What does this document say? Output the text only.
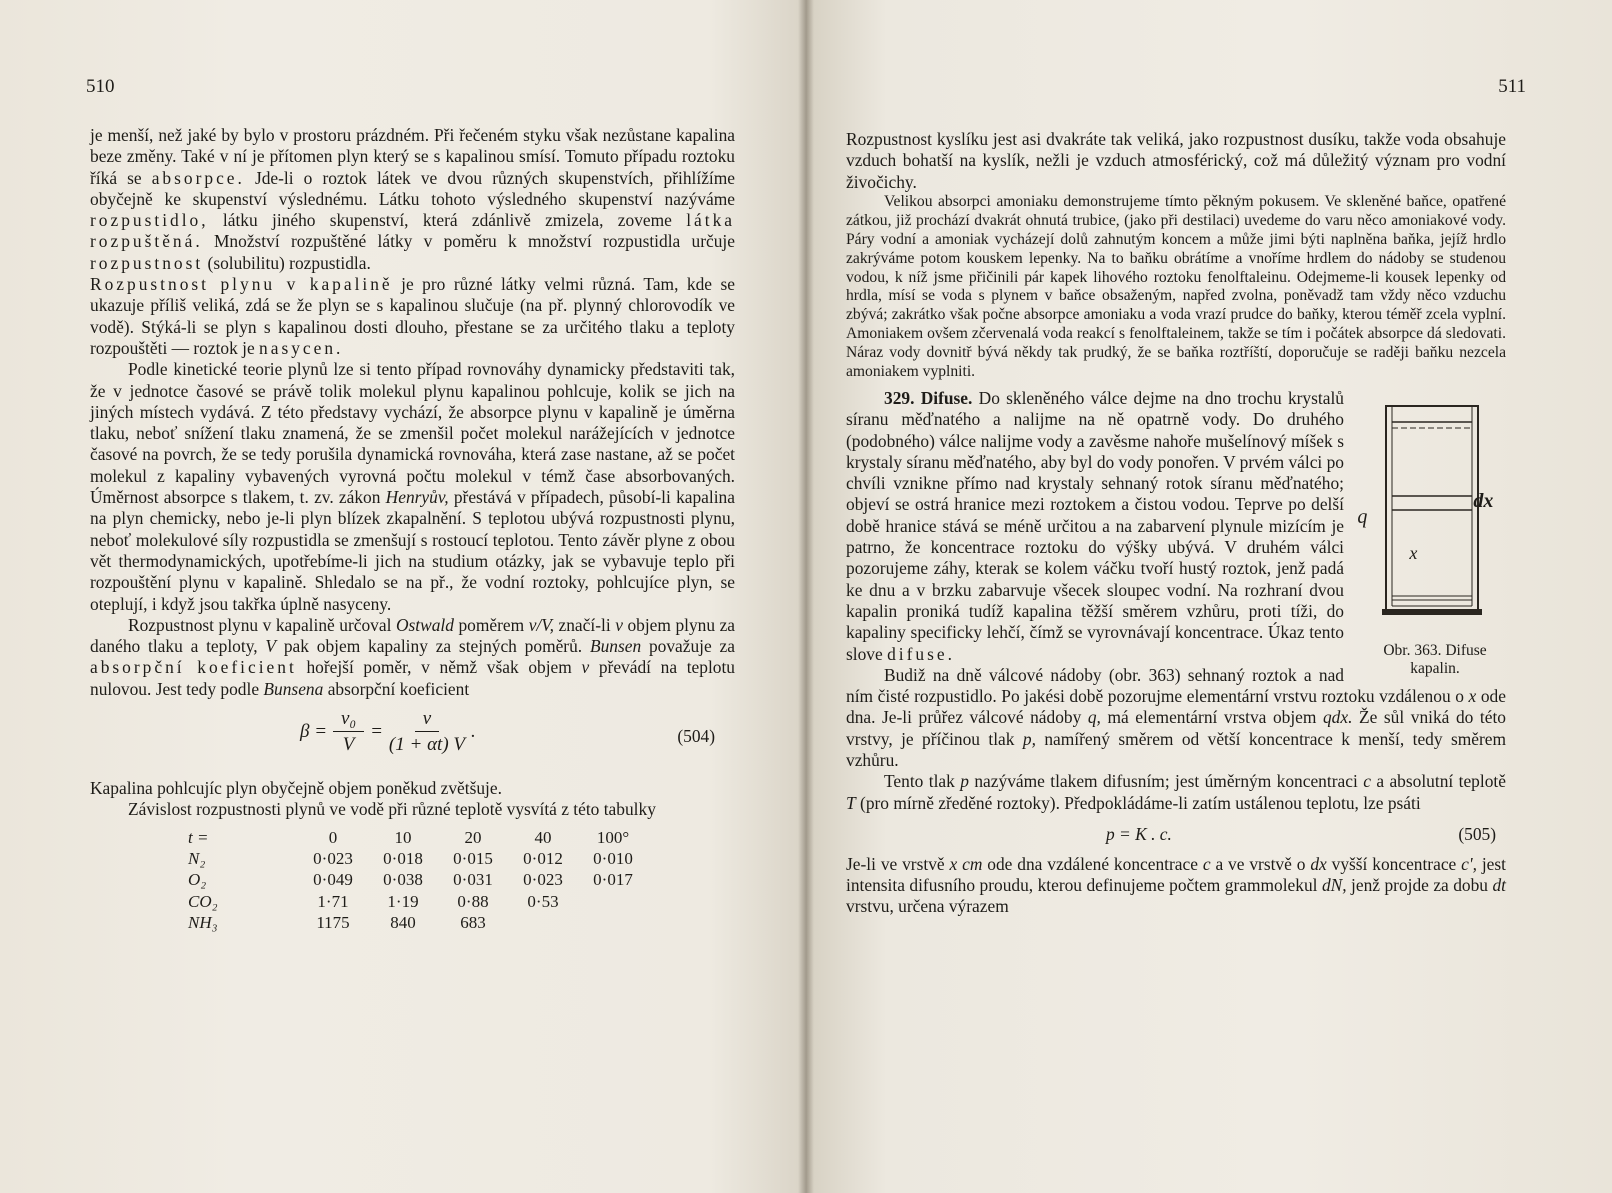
510

je menší, než jaké by bylo v prostoru prázdném. Při řečeném styku však nezůstane kapalina beze změny. Také v ní je přítomen plyn který se s kapalinou smísí. Tomuto případu roztoku říká se absorpce. Jde-li o roztok látek ve dvou různých skupenstvích, přihlížíme obyčejně ke skupenství výslednému. Látku tohoto výsledného skupenství nazýváme rozpustidlo, látku jiného skupenství, která zdánlivě zmizela, zoveme látka rozpuštěná. Množství rozpuštěné látky v poměru k množství rozpustidla určuje rozpustnost (solubilitu) rozpustidla.

Rozpustnost plynu v kapalině je pro různé látky velmi různá. Tam, kde se ukazuje příliš veliká, zdá se že plyn se s kapalinou slučuje (na př. plynný chlorovodík ve vodě). Stýká-li se plyn s kapalinou dosti dlouho, přestane se za určitého tlaku a teploty rozpouštěti — roztok je nasycen.

Podle kinetické teorie plynů lze si tento případ rovnováhy dynamicky představiti tak, že v jednotce časové se právě tolik molekul plynu kapalinou pohlcuje, kolik se jich na jiných místech vydává. Z této představy vychází, že absorpce plynu v kapalině je úměrna tlaku, neboť snížení tlaku znamená, že se zmenšil počet molekul narážejících v jednotce časové na povrch, že se tedy porušila dynamická rovnováha, která zase nastane, až se počet molekul z kapaliny vybavených vyrovná počtu molekul v témž čase absorbovaných. Úměrnost absorpce s tlakem, t. zv. zákon Henryův, přestává v případech, působí-li kapalina na plyn chemicky, nebo je-li plyn blízek zkapalnění. S teplotou ubývá rozpustnosti plynu, neboť molekulové síly rozpustidla se zmenšují s rostoucí teplotou. Tento závěr plyne z obou vět thermodynamických, upotřebíme-li jich na studium otázky, jak se vybavuje teplo při rozpouštění plynu v kapalině. Shledalo se na př., že vodní roztoky, pohlcujíce plyn, se oteplují, i když jsou takřka úplně nasyceny.

Rozpustnost plynu v kapalině určoval Ostwald poměrem v/V, značí-li v objem plynu za daného tlaku a teploty, V pak objem kapaliny za stejných poměrů. Bunsen považuje za absorpční koeficient hořejší poměr, v němž však objem v převádí na teplotu nulovou. Jest tedy podle Bunsena absorpční koeficient

$\beta = \frac{\text{v₀}}{V} = \frac{v}{(1 + \alpha t) V}$ .	(504)

Kapalina pohlcujíc plyn obyčejně objem poněkud zvětšuje.

Závislost rozpustnosti plynů ve vodě při různé teplotě vysvítá z této tabulky

t =	0	10	20	40	100°
N₂	0·023	0·018	0·015	0·012	0·010
O₂	0·049	0·038	0·031	0·023	0·017
CO₂	1·71	1·19	0·88	0·53	
NH₃	1175	840	683		
511

Rozpustnost kyslíku jest asi dvakráte tak veliká, jako rozpustnost dusíku, takže voda obsahuje vzduch bohatší na kyslík, nežli je vzduch atmosférický, což má důležitý význam pro vodní živočichy.

Velikou absorpci amoniaku demonstrujeme tímto pěkným pokusem. Ve skleněné baňce, opatřené zátkou, již prochází dvakrát ohnutá trubice, (jako při destilaci) uvedeme do varu něco amoniakové vody. Páry vodní a amoniak vycházejí dolů zahnutým koncem a může jimi býti naplněna baňka, jejíž hrdlo zakrýváme potom kouskem lepenky. Na to baňku obrátíme a vnoříme hrdlem do nádoby se studenou vodou, k níž jsme přičinili pár kapek lihového roztoku fenolftaleinu. Odejmeme-li kousek lepenky od hrdla, mísí se voda s plynem v baňce obsaženým, napřed zvolna, poněvadž tam vždy něco vzduchu zbývá; zakrátko však počne absorpce amoniaku a voda vrazí prudce do baňky, kterou téměř zcela vyplní. Amoniakem ovšem zčervenalá voda reakcí s fenolftaleinem, takže se tím i počátek absorpce dá sledovati. Náraz vody dovnitř bývá někdy tak prudký, že se baňka roztříští, doporučuje se raději baňku nezcela amoniakem vyplniti.

329. Difuse.
dx
q
x
Obr. 363. Difuse kapalin.
Do skleněného válce dejme na dno trochu krystalů síranu měďnatého a nalijme na ně opatrně vody. Do druhého (podobného) válce nalijme vody a zavěsme nahoře mušelínový míšek s krystaly síranu měďnatého, aby byl do vody ponořen. V prvém válci po chvíli vznikne přímo nad krystaly sehnaný rotok síranu měďnatého; objeví se ostrá hranice mezi roztokem a čistou vodou. Teprve po delší době hranice stává se méně určitou a na zabarvení plynule mizícím je patrno, že koncentrace roztoku do výšky ubývá. V druhém válci pozorujeme záhy, kterak se kolem váčku tvoří hustý roztok, jenž padá ke dnu a v brzku zabarvuje všecek sloupec vodní. Na rozhraní dvou kapalin proniká tudíž kapalina těžší směrem vzhůru, proti tíži, do kapaliny specificky lehčí, čímž se vyrovnávají koncentrace. Úkaz tento slove difuse.

Budiž na dně válcové nádoby (obr. 363) sehnaný roztok a nad ním čisté rozpustidlo. Po jakési době pozorujme elementární vrstvu roztoku vzdálenou o x ode dna. Je-li průřez válcové nádoby q, má elementární vrstva objem qdx. Že sůl vniká do této vrstvy, je příčinou tlak p, namířený směrem od větší koncentrace k menší, tedy směrem vzhůru.

Tento tlak p nazýváme tlakem difusním; jest úměrným koncentraci c a absolutní teplotě T (pro mírně zředěné roztoky). Předpokládáme-li zatím ustálenou teplotu, lze psáti

p = K . c.	(505)

Je-li ve vrstvě x cm ode dna vzdálené koncentrace c a ve vrstvě o dx vyšší koncentrace c', jest intensita difusního proudu, kterou definujeme počtem grammolekul dN, jenž projde za dobu dt vrstvu, určena výrazem
